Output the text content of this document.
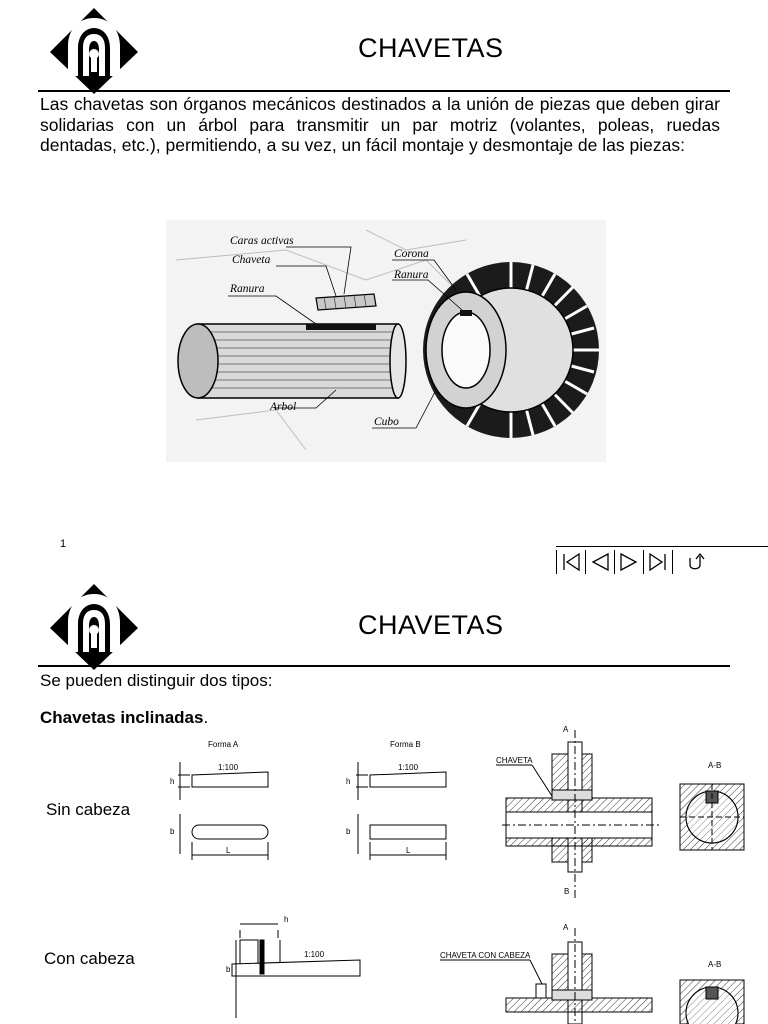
CHAVETAS
Las chavetas son órganos mecánicos destinados a la unión de piezas que deben girar solidarias con un árbol para transmitir un par motriz (volantes, poleas, ruedas dentadas, etc.), permitiendo, a su vez, un fácil montaje y desmontaje de las piezas:
Caras activas
Chaveta
Ranura
Arbol
Corona
Ranura
Cubo
1
CHAVETAS
Se pueden distinguir dos tipos:
Chavetas inclinadas.
Sin cabeza
Con cabeza
Forma A
1:100
h
b
L
Forma B
1:100
h
b
L
CHAVETA
A
B
A-B
h
1:100
b
CHAVETA CON CABEZA
A
A-B
